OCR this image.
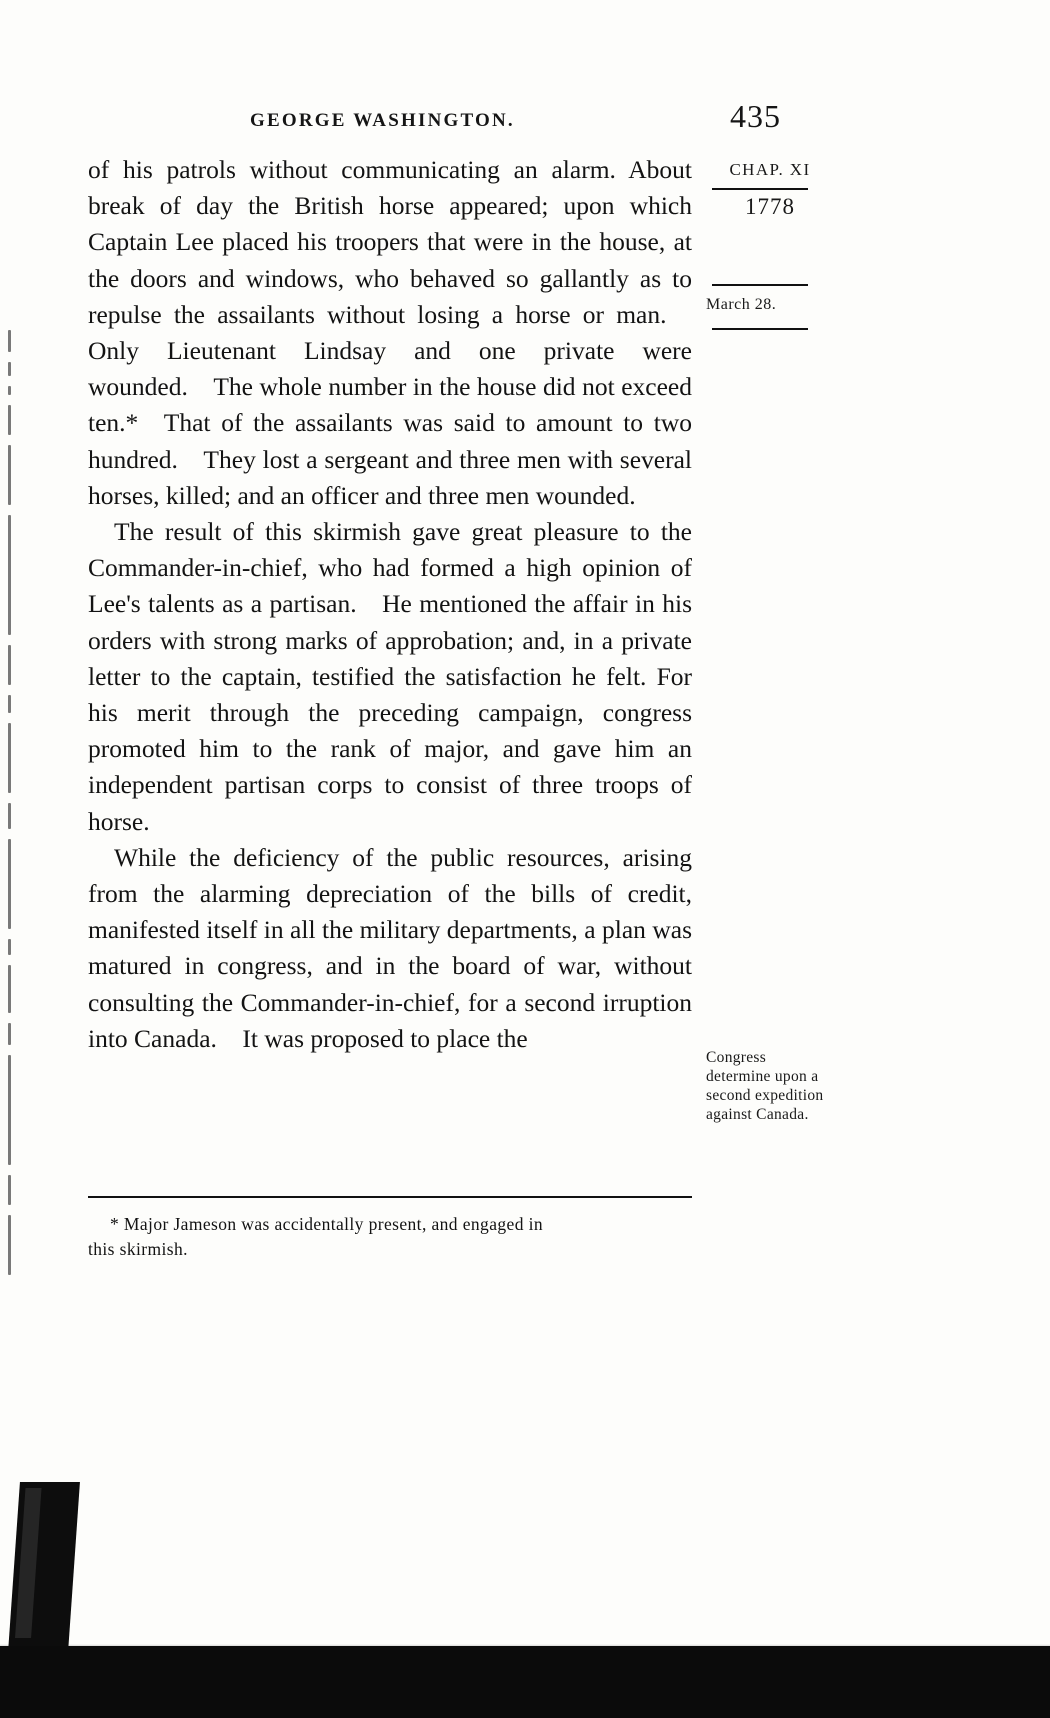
GEORGE WASHINGTON.	435
CHAP. XI
1778
March 28.
Congress determine upon a second expedition against Canada.

of his patrols without communicating an alarm. About break of day the British horse appeared; upon which Captain Lee placed his troopers that were in the house, at the doors and windows, who behaved so gallantly as to repulse the assailants without losing a horse or man. Only Lieutenant Lindsay and one private were wounded. The whole number in the house did not exceed ten.* That of the assailants was said to amount to two hundred. They lost a sergeant and three men with several horses, killed; and an officer and three men wounded.

The result of this skirmish gave great pleasure to the Commander-in-chief, who had formed a high opinion of Lee's talents as a partisan. He mentioned the affair in his orders with strong marks of approbation; and, in a private letter to the captain, testified the satisfaction he felt. For his merit through the preceding campaign, congress promoted him to the rank of major, and gave him an independent partisan corps to consist of three troops of horse.

While the deficiency of the public resources, arising from the alarming depreciation of the bills of credit, manifested itself in all the military departments, a plan was matured in congress, and in the board of war, without consulting the Commander-in-chief, for a second irruption into Canada. It was proposed to place the

* Major Jameson was accidentally present, and engaged in
this skirmish.
